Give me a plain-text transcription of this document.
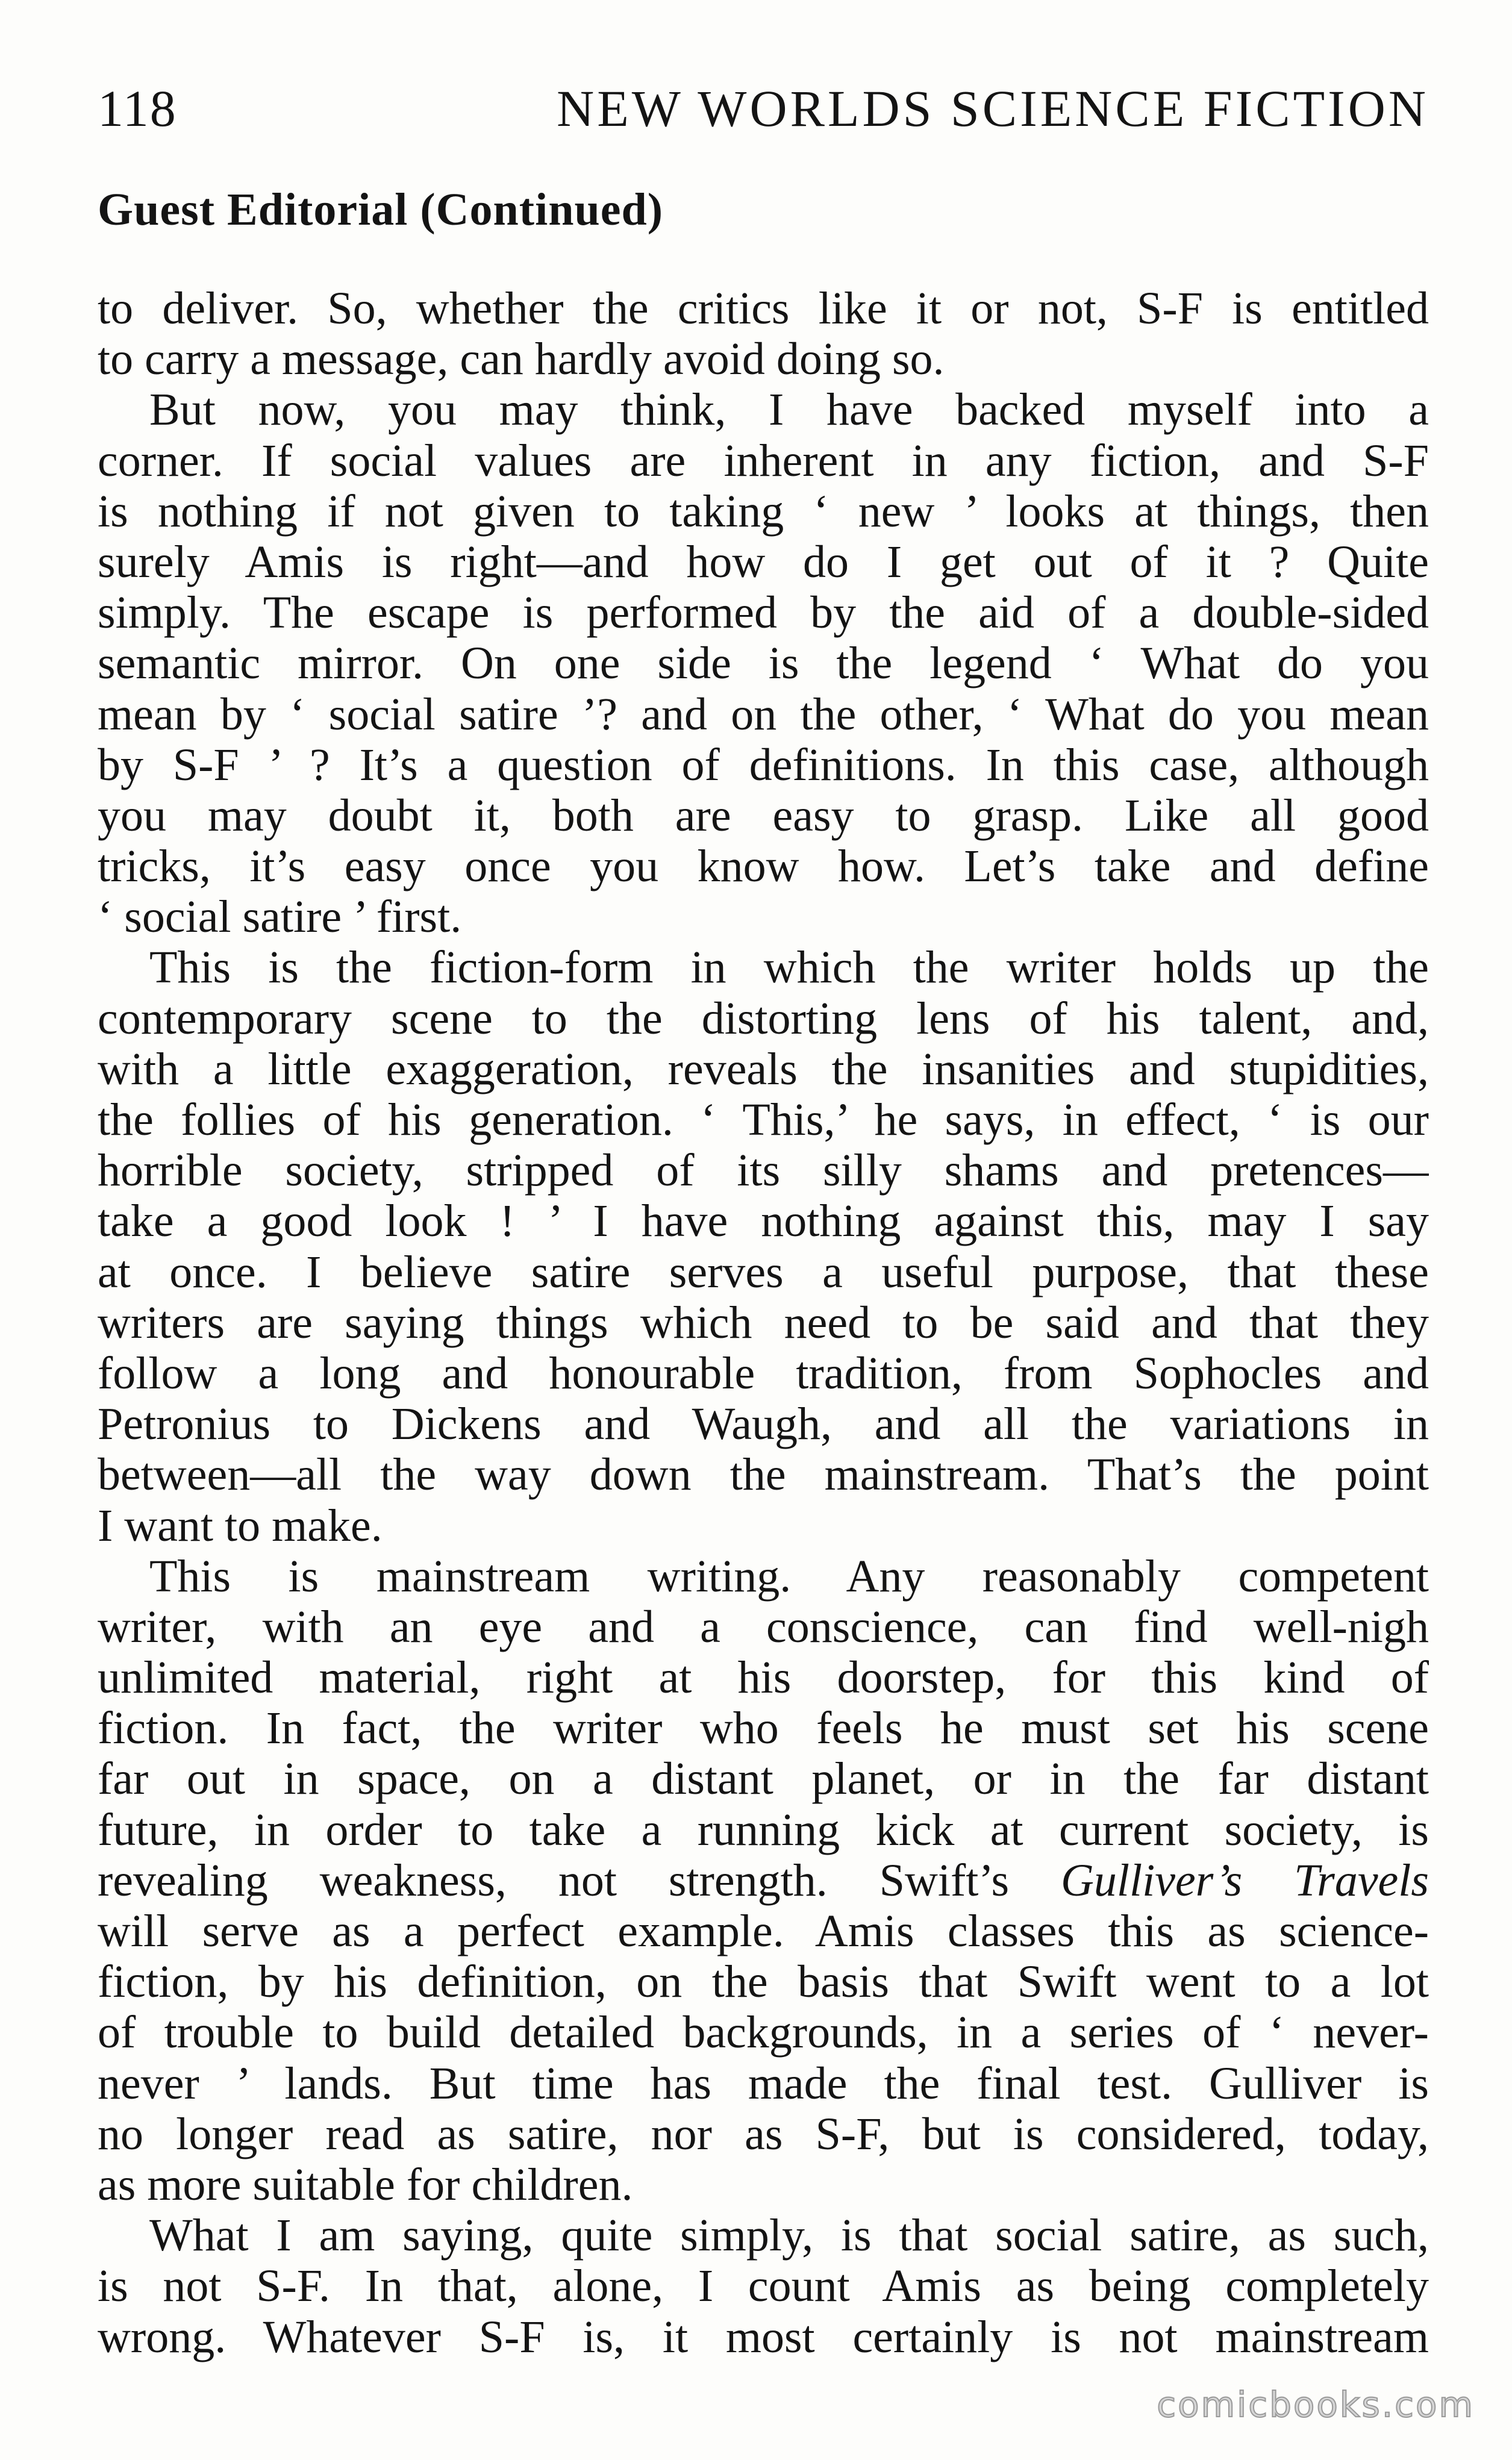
118	NEW WORLDS SCIENCE FICTION
Guest Editorial (Continued)
to deliver. So, whether the critics like it or not, S-F is entitled
to carry a message, can hardly avoid doing so.
But now, you may think, I have backed myself into a
corner. If social values are inherent in any fiction, and S-F
is nothing if not given to taking ‘ new ’ looks at things, then
surely Amis is right—and how do I get out of it ? Quite
simply. The escape is performed by the aid of a double-sided
semantic mirror. On one side is the legend ‘ What do you
mean by ‘ social satire ’? and on the other, ‘ What do you mean
by S-F ’ ? It’s a question of definitions. In this case, although
you may doubt it, both are easy to grasp. Like all good
tricks, it’s easy once you know how. Let’s take and define
‘ social satire ’ first.
This is the fiction-form in which the writer holds up the
contemporary scene to the distorting lens of his talent, and,
with a little exaggeration, reveals the insanities and stupidities,
the follies of his generation. ‘ This,’ he says, in effect, ‘ is our
horrible society, stripped of its silly shams and pretences—
take a good look ! ’ I have nothing against this, may I say
at once. I believe satire serves a useful purpose, that these
writers are saying things which need to be said and that they
follow a long and honourable tradition, from Sophocles and
Petronius to Dickens and Waugh, and all the variations in
between—all the way down the mainstream. That’s the point
I want to make.
This is mainstream writing. Any reasonably competent
writer, with an eye and a conscience, can find well-nigh
unlimited material, right at his doorstep, for this kind of
fiction. In fact, the writer who feels he must set his scene
far out in space, on a distant planet, or in the far distant
future, in order to take a running kick at current society, is
revealing weakness, not strength. Swift’s Gulliver’s Travels
will serve as a perfect example. Amis classes this as science-
fiction, by his definition, on the basis that Swift went to a lot
of trouble to build detailed backgrounds, in a series of ‘ never-
never ’ lands. But time has made the final test. Gulliver is
no longer read as satire, nor as S-F, but is considered, today,
as more suitable for children.
What I am saying, quite simply, is that social satire, as such,
is not S-F. In that, alone, I count Amis as being completely
wrong. Whatever S-F is, it most certainly is not mainstream
comicbooks.com
